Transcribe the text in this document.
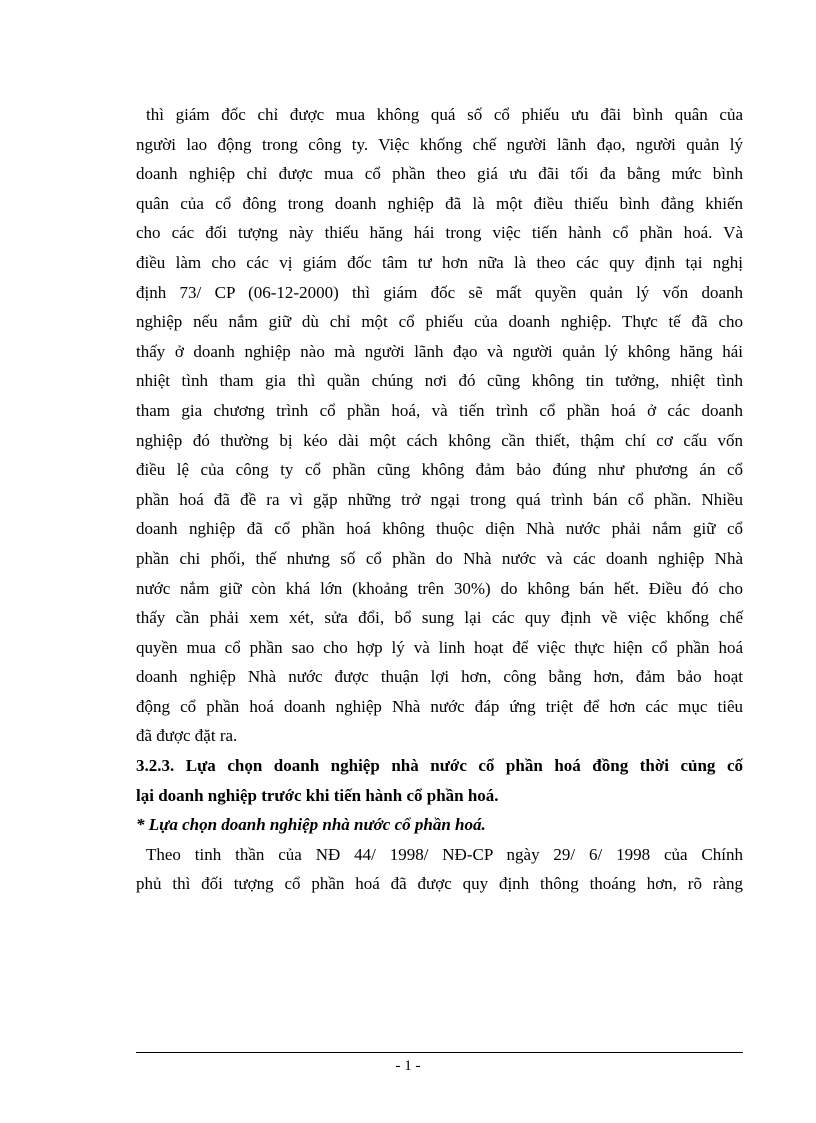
thì giám đốc chỉ được mua không quá số cổ phiếu ưu đãi bình quân của
người lao động trong công ty. Việc khống chế người lãnh đạo, người quản lý
doanh nghiệp chỉ được mua cổ phần theo giá ưu đãi tối đa bằng mức bình
quân của cổ đông trong doanh nghiệp đã là một điều thiếu bình đẳng khiến
cho các đối tượng này thiếu hăng hái trong việc tiến hành cổ phần hoá. Và
điều làm cho các vị giám đốc tâm tư hơn nữa là theo các quy định tại nghị
định 73/ CP (06-12-2000) thì giám đốc sẽ mất quyền quản lý vốn doanh
nghiệp nếu nắm giữ dù chỉ một cổ phiếu của doanh nghiệp. Thực tế đã cho
thấy ở doanh nghiệp nào mà người lãnh đạo và người quản lý không hăng hái
nhiệt tình tham gia thì quần chúng nơi đó cũng không tin tưởng, nhiệt tình
tham gia chương trình cổ phần hoá, và tiến trình cổ phần hoá ở các doanh
nghiệp đó thường bị kéo dài một cách không cần thiết, thậm chí cơ cấu vốn
điều lệ của công ty cổ phần cũng không đảm bảo đúng như phương án cổ
phần hoá đã đề ra vì gặp những trở ngại trong quá trình bán cổ phần. Nhiều
doanh nghiệp đã cổ phần hoá không thuộc diện Nhà nước phải nắm giữ cổ
phần chi phối, thế nhưng số cổ phần do Nhà nước và các doanh nghiệp Nhà
nước nắm giữ còn khá lớn (khoảng trên 30%) do không bán hết. Điều đó cho
thấy cần phải xem xét, sửa đổi, bổ sung lại các quy định về việc khống chế
quyền mua cổ phần sao cho hợp lý và linh hoạt để việc thực hiện cổ phần hoá
doanh nghiệp Nhà nước được thuận lợi hơn, công bằng hơn, đảm bảo hoạt
động cổ phần hoá doanh nghiệp Nhà nước đáp ứng triệt để hơn các mục tiêu
đã được đặt ra.
3.2.3. Lựa chọn doanh nghiệp nhà nước cổ phần hoá đồng thời củng cố
lại doanh nghiệp trước khi tiến hành cổ phần hoá.
* Lựa chọn doanh nghiệp nhà nước cổ phần hoá.
Theo tinh thần của NĐ 44/ 1998/ NĐ-CP ngày 29/ 6/ 1998 của Chính
phủ thì đối tượng cổ phần hoá đã được quy định thông thoáng hơn, rõ ràng
- 1 -
